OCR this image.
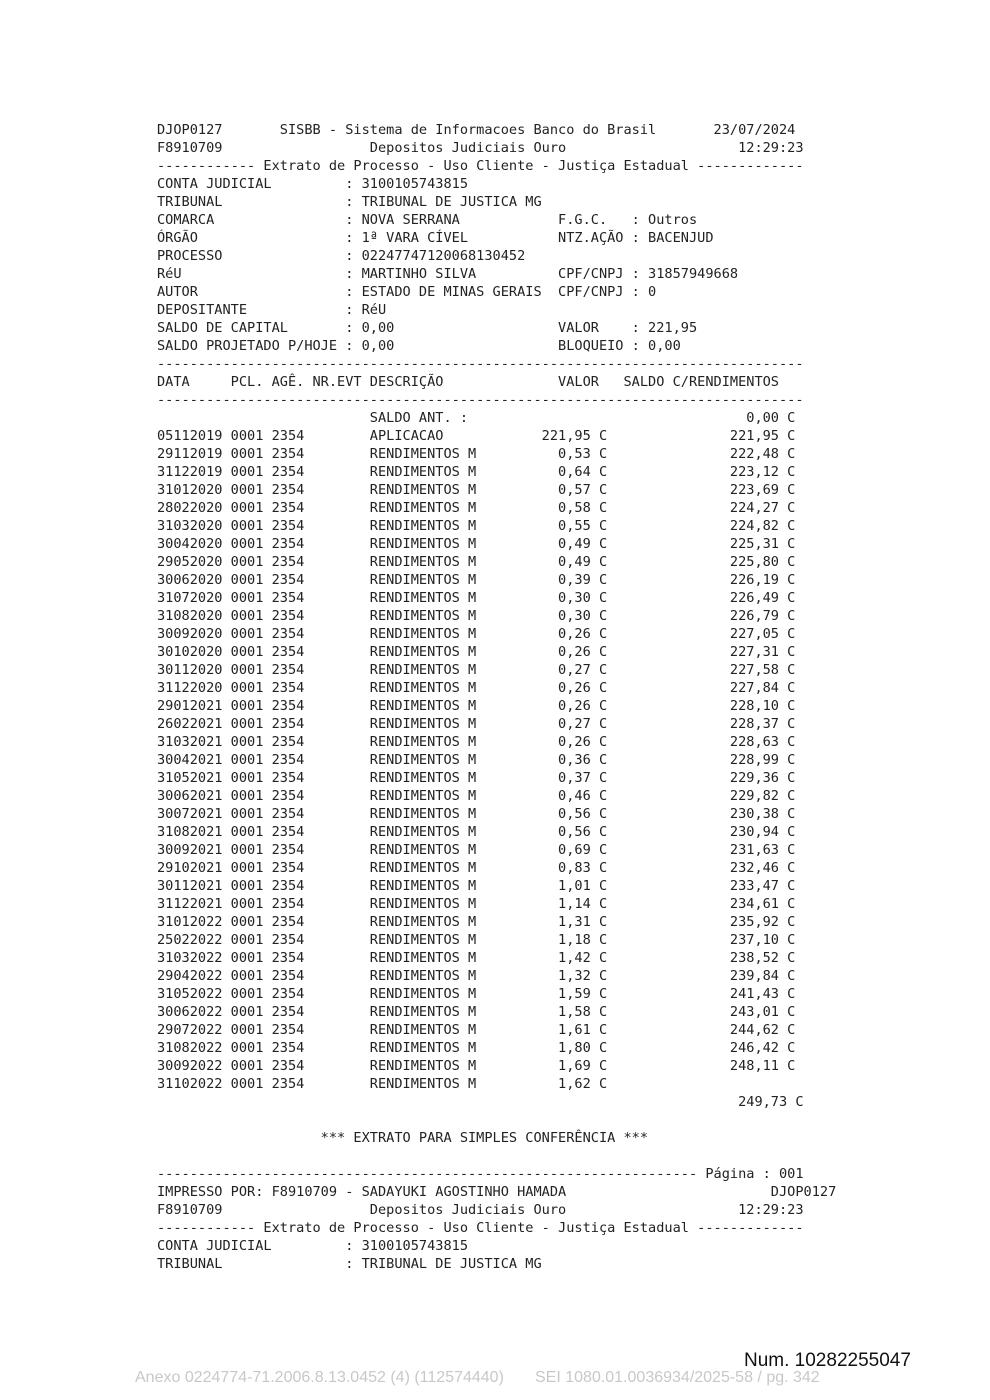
DJOP0127       SISBB - Sistema de Informacoes Banco do Brasil       23/07/2024
F8910709                  Depositos Judiciais Ouro                     12:29:23
------------ Extrato de Processo - Uso Cliente - Justiça Estadual -------------
CONTA JUDICIAL         : 3100105743815
TRIBUNAL               : TRIBUNAL DE JUSTICA MG
COMARCA                : NOVA SERRANA            F.G.C.   : Outros
ÓRGÃO                  : 1ª VARA CÍVEL           NTZ.AÇÃO : BACENJUD
PROCESSO               : 02247747120068130452
RéU                    : MARTINHO SILVA          CPF/CNPJ : 31857949668
AUTOR                  : ESTADO DE MINAS GERAIS  CPF/CNPJ : 0
DEPOSITANTE            : RéU
SALDO DE CAPITAL       : 0,00                    VALOR    : 221,95
SALDO PROJETADO P/HOJE : 0,00                    BLOQUEIO : 0,00
-------------------------------------------------------------------------------
DATA     PCL. AGÊ. NR.EVT DESCRIÇÃO              VALOR   SALDO C/RENDIMENTOS
-------------------------------------------------------------------------------
SALDO ANT. :                                  0,00 C
05112019 0001 2354        APLICACAO            221,95 C               221,95 C
29112019 0001 2354        RENDIMENTOS M          0,53 C               222,48 C
31122019 0001 2354        RENDIMENTOS M          0,64 C               223,12 C
31012020 0001 2354        RENDIMENTOS M          0,57 C               223,69 C
28022020 0001 2354        RENDIMENTOS M          0,58 C               224,27 C
31032020 0001 2354        RENDIMENTOS M          0,55 C               224,82 C
30042020 0001 2354        RENDIMENTOS M          0,49 C               225,31 C
29052020 0001 2354        RENDIMENTOS M          0,49 C               225,80 C
30062020 0001 2354        RENDIMENTOS M          0,39 C               226,19 C
31072020 0001 2354        RENDIMENTOS M          0,30 C               226,49 C
31082020 0001 2354        RENDIMENTOS M          0,30 C               226,79 C
30092020 0001 2354        RENDIMENTOS M          0,26 C               227,05 C
30102020 0001 2354        RENDIMENTOS M          0,26 C               227,31 C
30112020 0001 2354        RENDIMENTOS M          0,27 C               227,58 C
31122020 0001 2354        RENDIMENTOS M          0,26 C               227,84 C
29012021 0001 2354        RENDIMENTOS M          0,26 C               228,10 C
26022021 0001 2354        RENDIMENTOS M          0,27 C               228,37 C
31032021 0001 2354        RENDIMENTOS M          0,26 C               228,63 C
30042021 0001 2354        RENDIMENTOS M          0,36 C               228,99 C
31052021 0001 2354        RENDIMENTOS M          0,37 C               229,36 C
30062021 0001 2354        RENDIMENTOS M          0,46 C               229,82 C
30072021 0001 2354        RENDIMENTOS M          0,56 C               230,38 C
31082021 0001 2354        RENDIMENTOS M          0,56 C               230,94 C
30092021 0001 2354        RENDIMENTOS M          0,69 C               231,63 C
29102021 0001 2354        RENDIMENTOS M          0,83 C               232,46 C
30112021 0001 2354        RENDIMENTOS M          1,01 C               233,47 C
31122021 0001 2354        RENDIMENTOS M          1,14 C               234,61 C
31012022 0001 2354        RENDIMENTOS M          1,31 C               235,92 C
25022022 0001 2354        RENDIMENTOS M          1,18 C               237,10 C
31032022 0001 2354        RENDIMENTOS M          1,42 C               238,52 C
29042022 0001 2354        RENDIMENTOS M          1,32 C               239,84 C
31052022 0001 2354        RENDIMENTOS M          1,59 C               241,43 C
30062022 0001 2354        RENDIMENTOS M          1,58 C               243,01 C
29072022 0001 2354        RENDIMENTOS M          1,61 C               244,62 C
31082022 0001 2354        RENDIMENTOS M          1,80 C               246,42 C
30092022 0001 2354        RENDIMENTOS M          1,69 C               248,11 C
31102022 0001 2354        RENDIMENTOS M          1,62 C
249,73 C

*** EXTRATO PARA SIMPLES CONFERÊNCIA ***

------------------------------------------------------------------ Página : 001
IMPRESSO POR: F8910709 - SADAYUKI AGOSTINHO HAMADA                         DJOP0127
F8910709                  Depositos Judiciais Ouro                     12:29:23
------------ Extrato de Processo - Uso Cliente - Justiça Estadual -------------
CONTA JUDICIAL         : 3100105743815
TRIBUNAL               : TRIBUNAL DE JUSTICA MG
Num. 10282255047
Anexo 0224774-71.2006.8.13.0452 (4) (112574440)       SEI 1080.01.0036934/2025-58 / pg. 342
